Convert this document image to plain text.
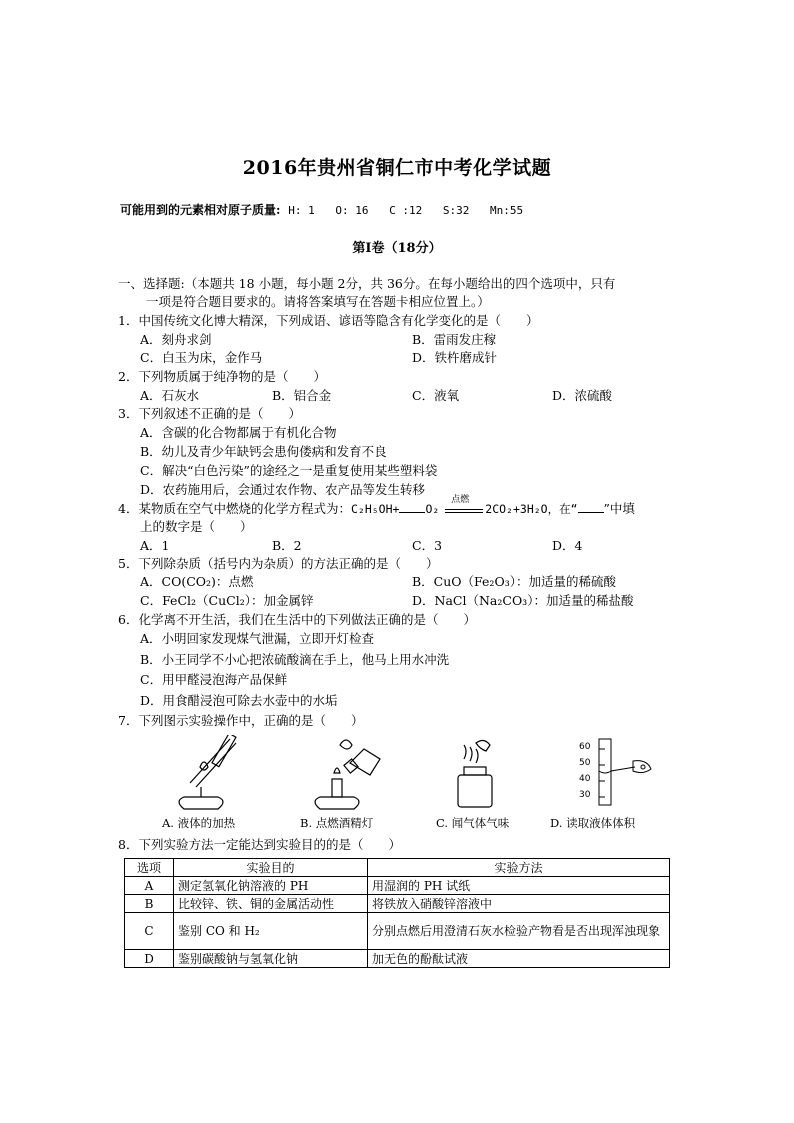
2016年贵州省铜仁市中考化学试题
可能用到的元素相对原子质量: H: 1 O: 16 C :12 S:32 Mn:55
第Ⅰ卷（18分）
一、选择题:（本题共 18 小题，每小题 2分，共 36分。在每小题给出的四个选项中，只有
一项是符合题目要求的。请将答案填写在答题卡相应位置上。）
1．中国传统文化博大精深，下列成语、谚语等隐含有化学变化的是（　　）
A．刻舟求剑	B．雷雨发庄稼
C．白玉为床，金作马	D．铁杵磨成针
2．下列物质属于纯净物的是（　　）
A．石灰水	B．铝合金	C．液氧	D．浓硫酸
3．下列叙述不正确的是（　　）
A．含碳的化合物都属于有机化合物
B．幼儿及青少年缺钙会患佝偻病和发育不良
C．解决“白色污染”的途经之一是重复使用某些塑料袋
D．农药施用后，会通过农作物、农产品等发生转移
4．某物质在空气中燃烧的化学方程式为：C₂H₅OH+ O₂
点燃
2CO₂+3H₂O，在“ ”中填
上的数字是（　　）
A．1	B．2	C．3	D．4
5．下列除杂质（括号内为杂质）的方法正确的是（　　）
A．CO(CO₂)：点燃	B．CuO（Fe₂O₃）：加适量的稀硫酸
C．FeCl₂（CuCl₂）：加金属锌	D．NaCl（Na₂CO₃）：加适量的稀盐酸
6．化学离不开生活，我们在生活中的下列做法正确的是（　　）
A．小明回家发现煤气泄漏，立即开灯检查
B．小王同学不小心把浓硫酸滴在手上，他马上用水冲洗
C．用甲醛浸泡海产品保鲜
D．用食醋浸泡可除去水壶中的水垢
7．下列图示实验操作中，正确的是（　　）
A. 液体的加热	B. 点燃酒精灯	C. 闻气体气味
60
50
40
30
D. 读取液体体积
8．下列实验方法一定能达到实验目的的是（　　）
选项	实验目的	实验方法
A	测定氢氧化钠溶液的 PH	用湿润的 PH 试纸
B	比较锌、铁、铜的金属活动性	将铁放入硝酸锌溶液中
C	鉴别 CO 和 H₂	分别点燃后用澄清石灰水检验产物看是否出现浑浊现象
D	鉴别碳酸钠与氢氧化钠	加无色的酚酞试液
